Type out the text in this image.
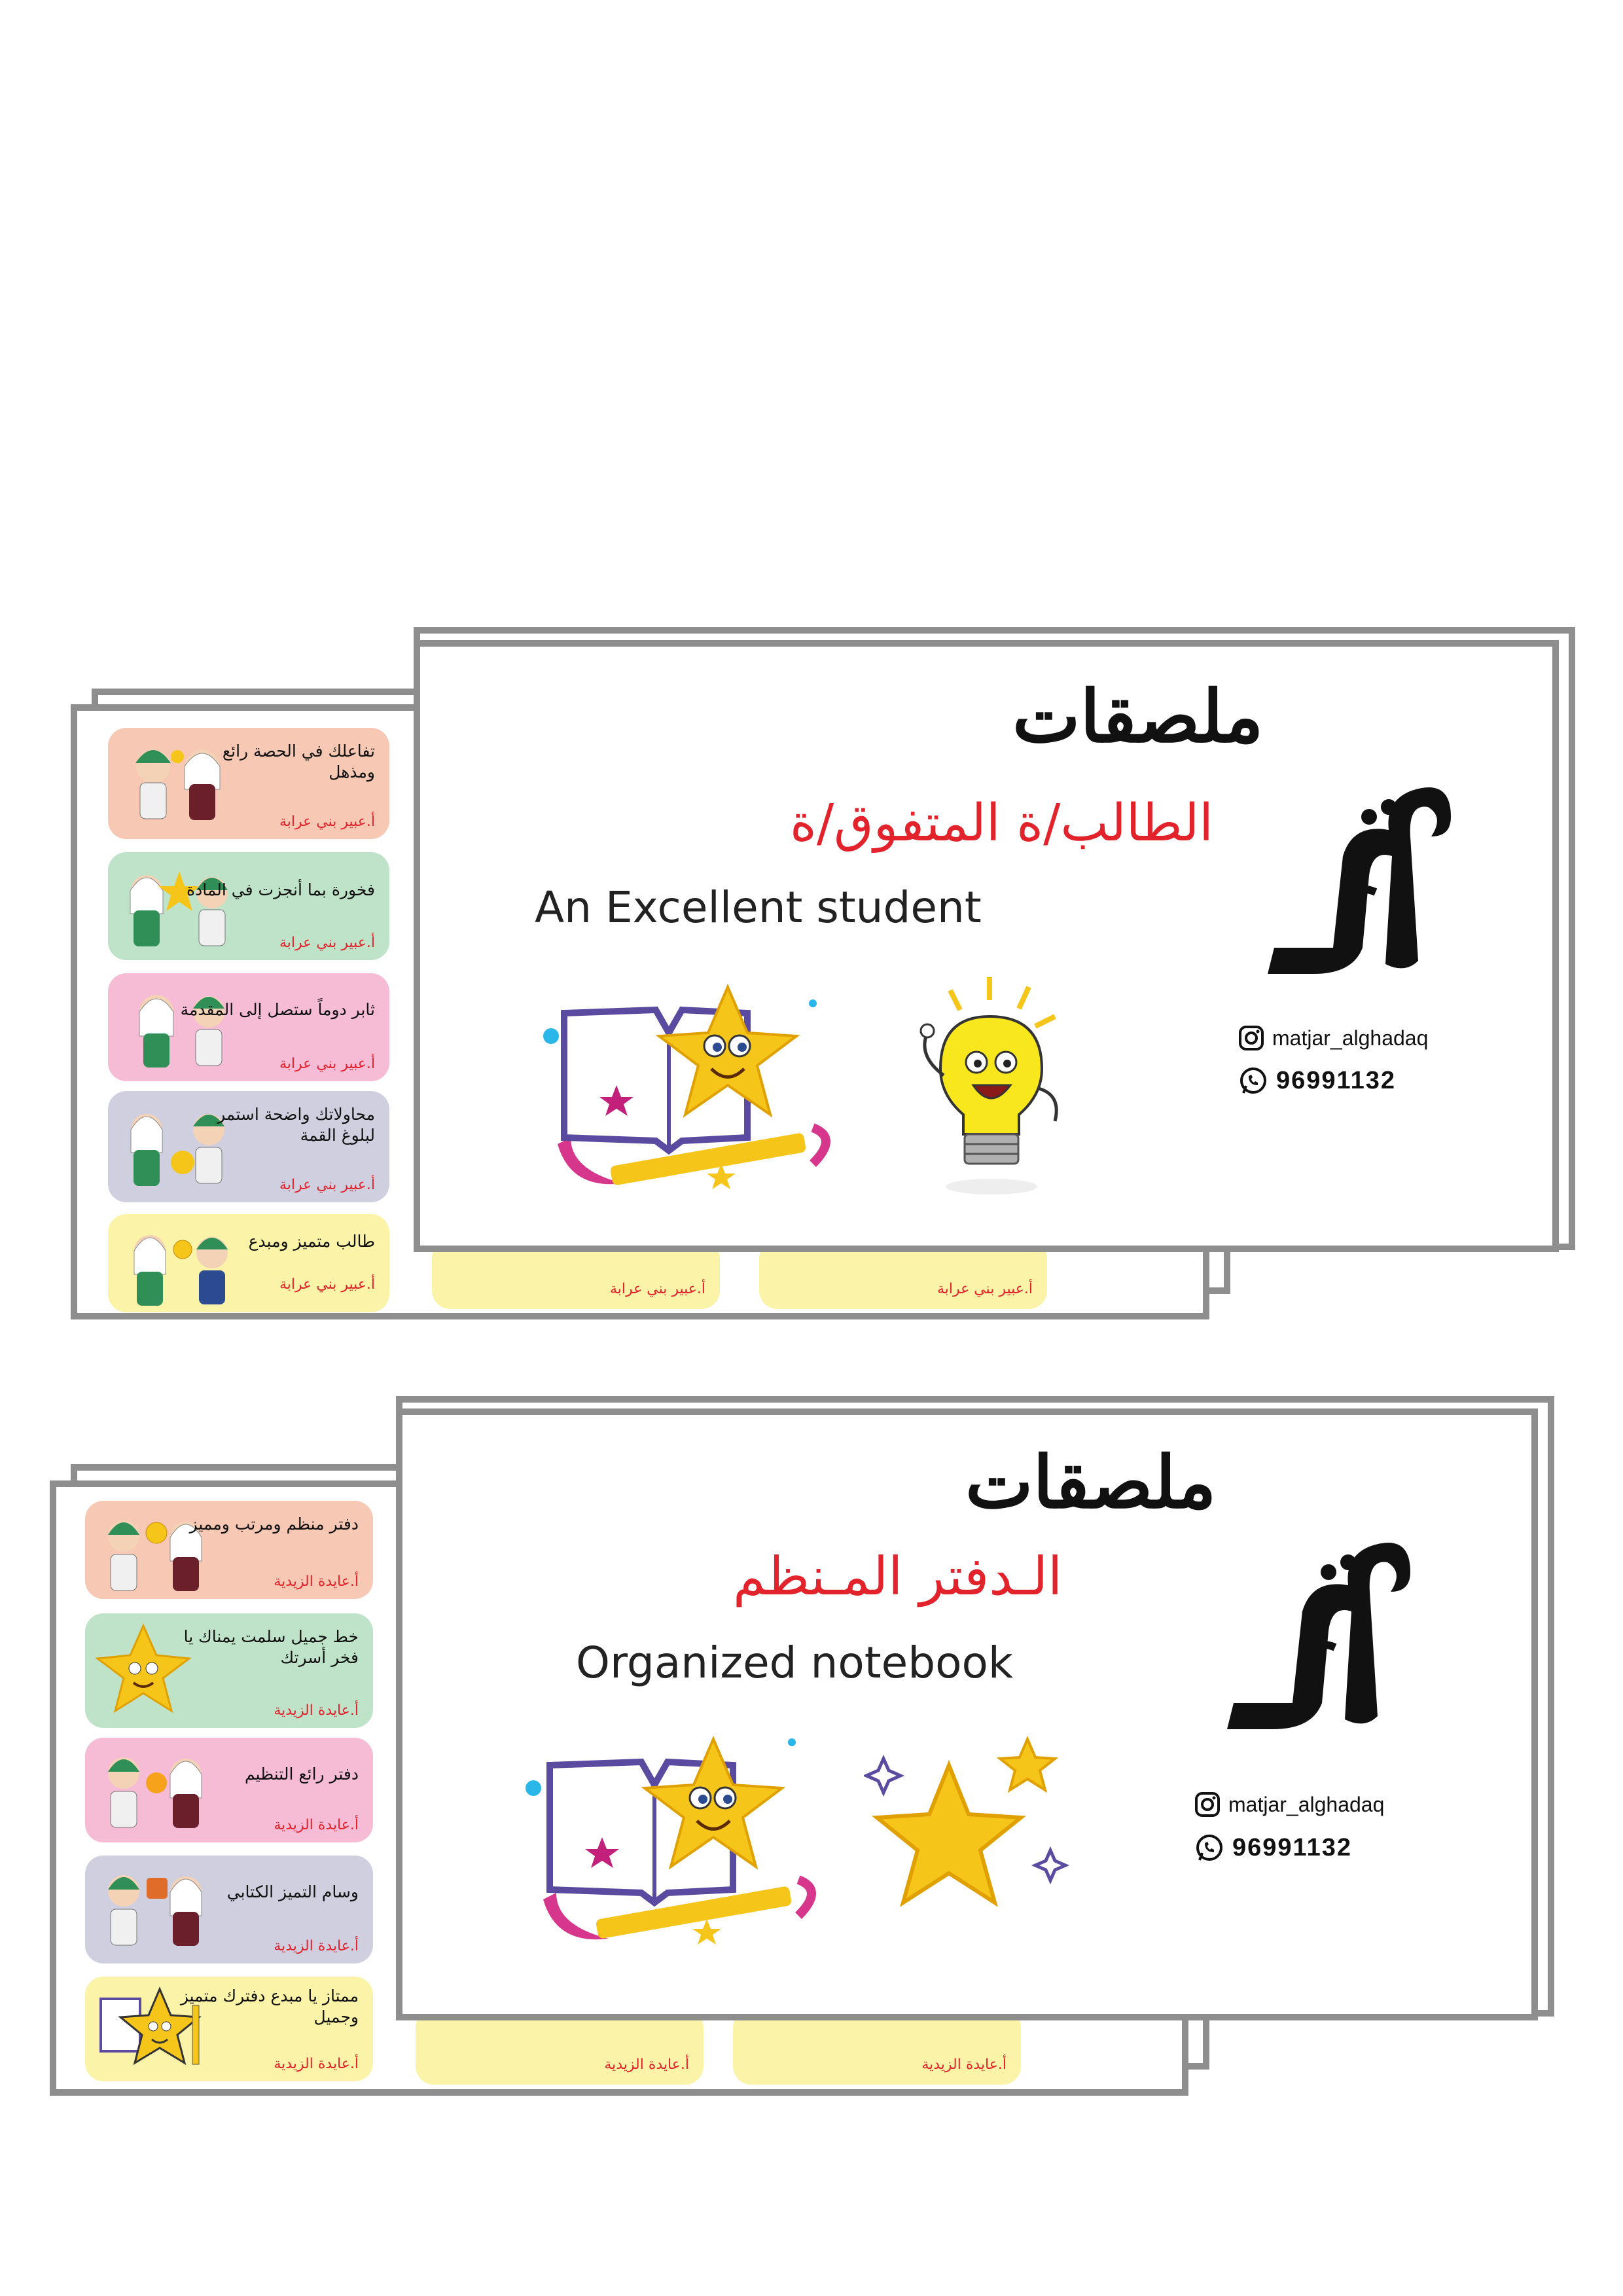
تفاعلك في الحصة رائع ومذهل
أ.عبير بني عرابة
فخورة بما أنجزت في المادة
أ.عبير بني عرابة
ثابر دوماً ستصل إلى المقدمة
أ.عبير بني عرابة
محاولاتك واضحة استمر لبلوغ القمة
أ.عبير بني عرابة
طالب متميز ومبدع
أ.عبير بني عرابة	أ.عبير بني عرابة	أ.عبير بني عرابة
ملصقات
الطالب/ة المتفوق/ة
An Excellent student
matjar_alghadaq
96991132
دفتر منظم ومرتب ومميز
أ.عايدة الزيدية
خط جميل سلمت يمناك يا فخر أسرتك
أ.عايدة الزيدية
دفتر رائع التنظيم
أ.عايدة الزيدية
وسام التميز الكتابي
أ.عايدة الزيدية
ممتاز يا مبدع دفترك متميز وجميل
أ.عايدة الزيدية	أ.عايدة الزيدية	أ.عايدة الزيدية
ملصقات
الـدفتر المـنظم
Organized notebook
matjar_alghadaq
96991132
